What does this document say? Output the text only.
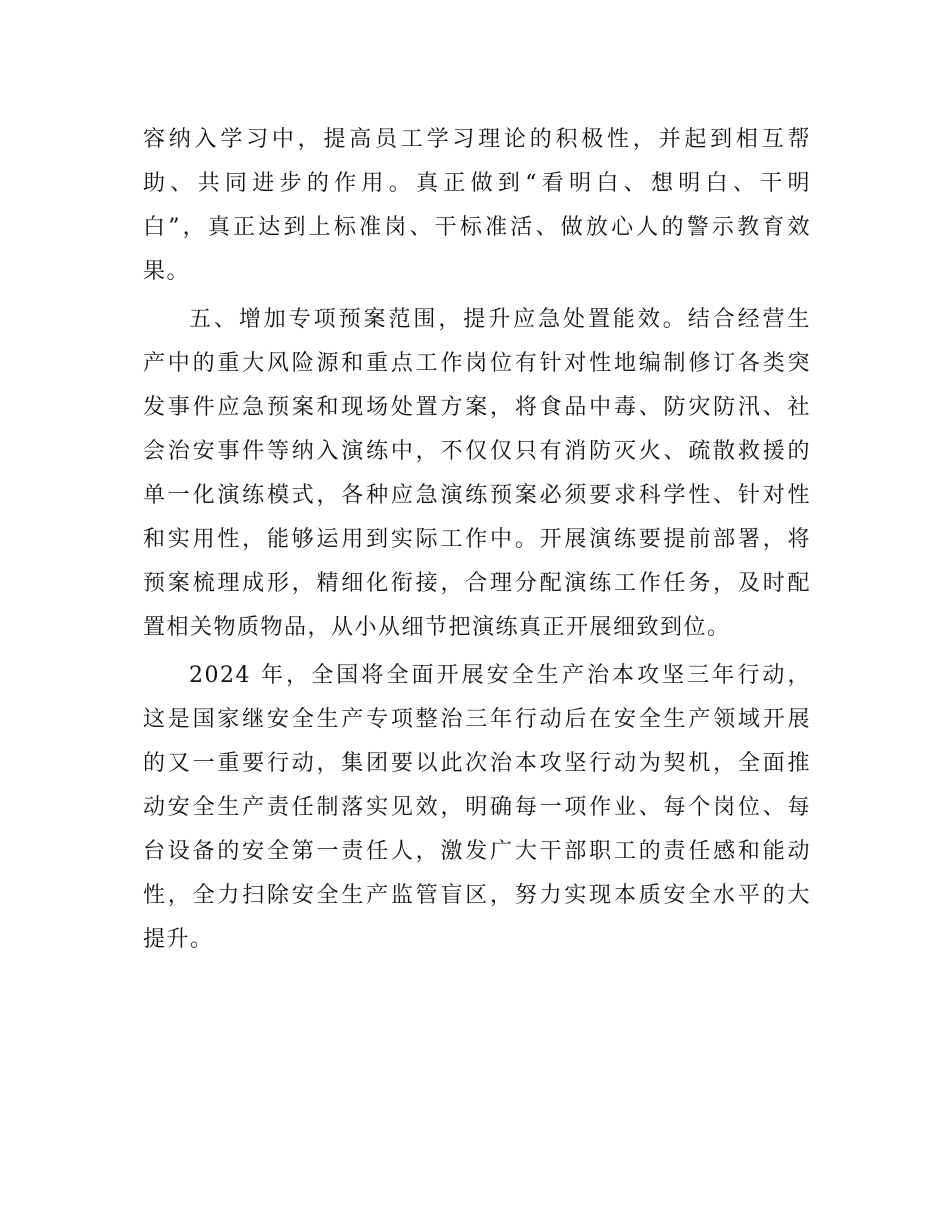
容纳入学习中，提高员工学习理论的积极性，并起到相互帮
助、共同进步的作用。真正做到“看明白、想明白、干明
白”，真正达到上标准岗、干标准活、做放心人的警示教育效
果。
五、增加专项预案范围，提升应急处置能效。结合经营生
产中的重大风险源和重点工作岗位有针对性地编制修订各类突
发事件应急预案和现场处置方案，将食品中毒、防灾防汛、社
会治安事件等纳入演练中，不仅仅只有消防灭火、疏散救援的
单一化演练模式，各种应急演练预案必须要求科学性、针对性
和实用性，能够运用到实际工作中。开展演练要提前部署，将
预案梳理成形，精细化衔接，合理分配演练工作任务，及时配
置相关物质物品，从小从细节把演练真正开展细致到位。
2024 年，全国将全面开展安全生产治本攻坚三年行动，
这是国家继安全生产专项整治三年行动后在安全生产领域开展
的又一重要行动，集团要以此次治本攻坚行动为契机，全面推
动安全生产责任制落实见效，明确每一项作业、每个岗位、每
台设备的安全第一责任人，激发广大干部职工的责任感和能动
性，全力扫除安全生产监管盲区，努力实现本质安全水平的大
提升。
